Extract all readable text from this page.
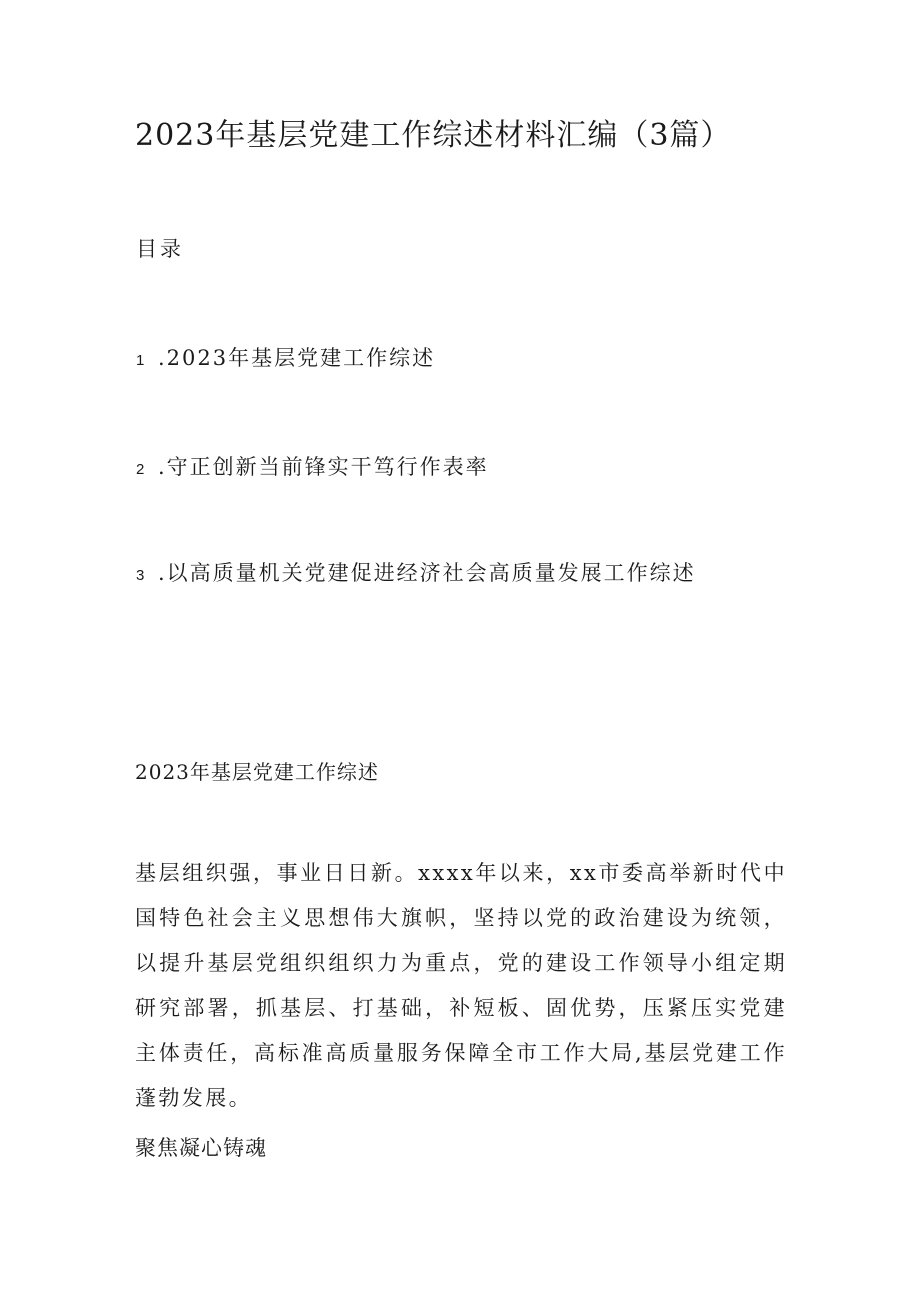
2023年基层党建工作综述材料汇编（3篇）
目录
1 .2023年基层党建工作综述
2 .守正创新当前锋实干笃行作表率
3 .以高质量机关党建促进经济社会高质量发展工作综述
2023年基层党建工作综述

基层组织强，事业日日新。xxxx年以来，xx市委高举新时代中国特色社会主义思想伟大旗帜，坚持以党的政治建设为统领，以提升基层党组织组织力为重点，党的建设工作领导小组定期研究部署，抓基层、打基础，补短板、固优势，压紧压实党建主体责任，高标准高质量服务保障全市工作大局,基层党建工作蓬勃发展。

聚焦凝心铸魂
